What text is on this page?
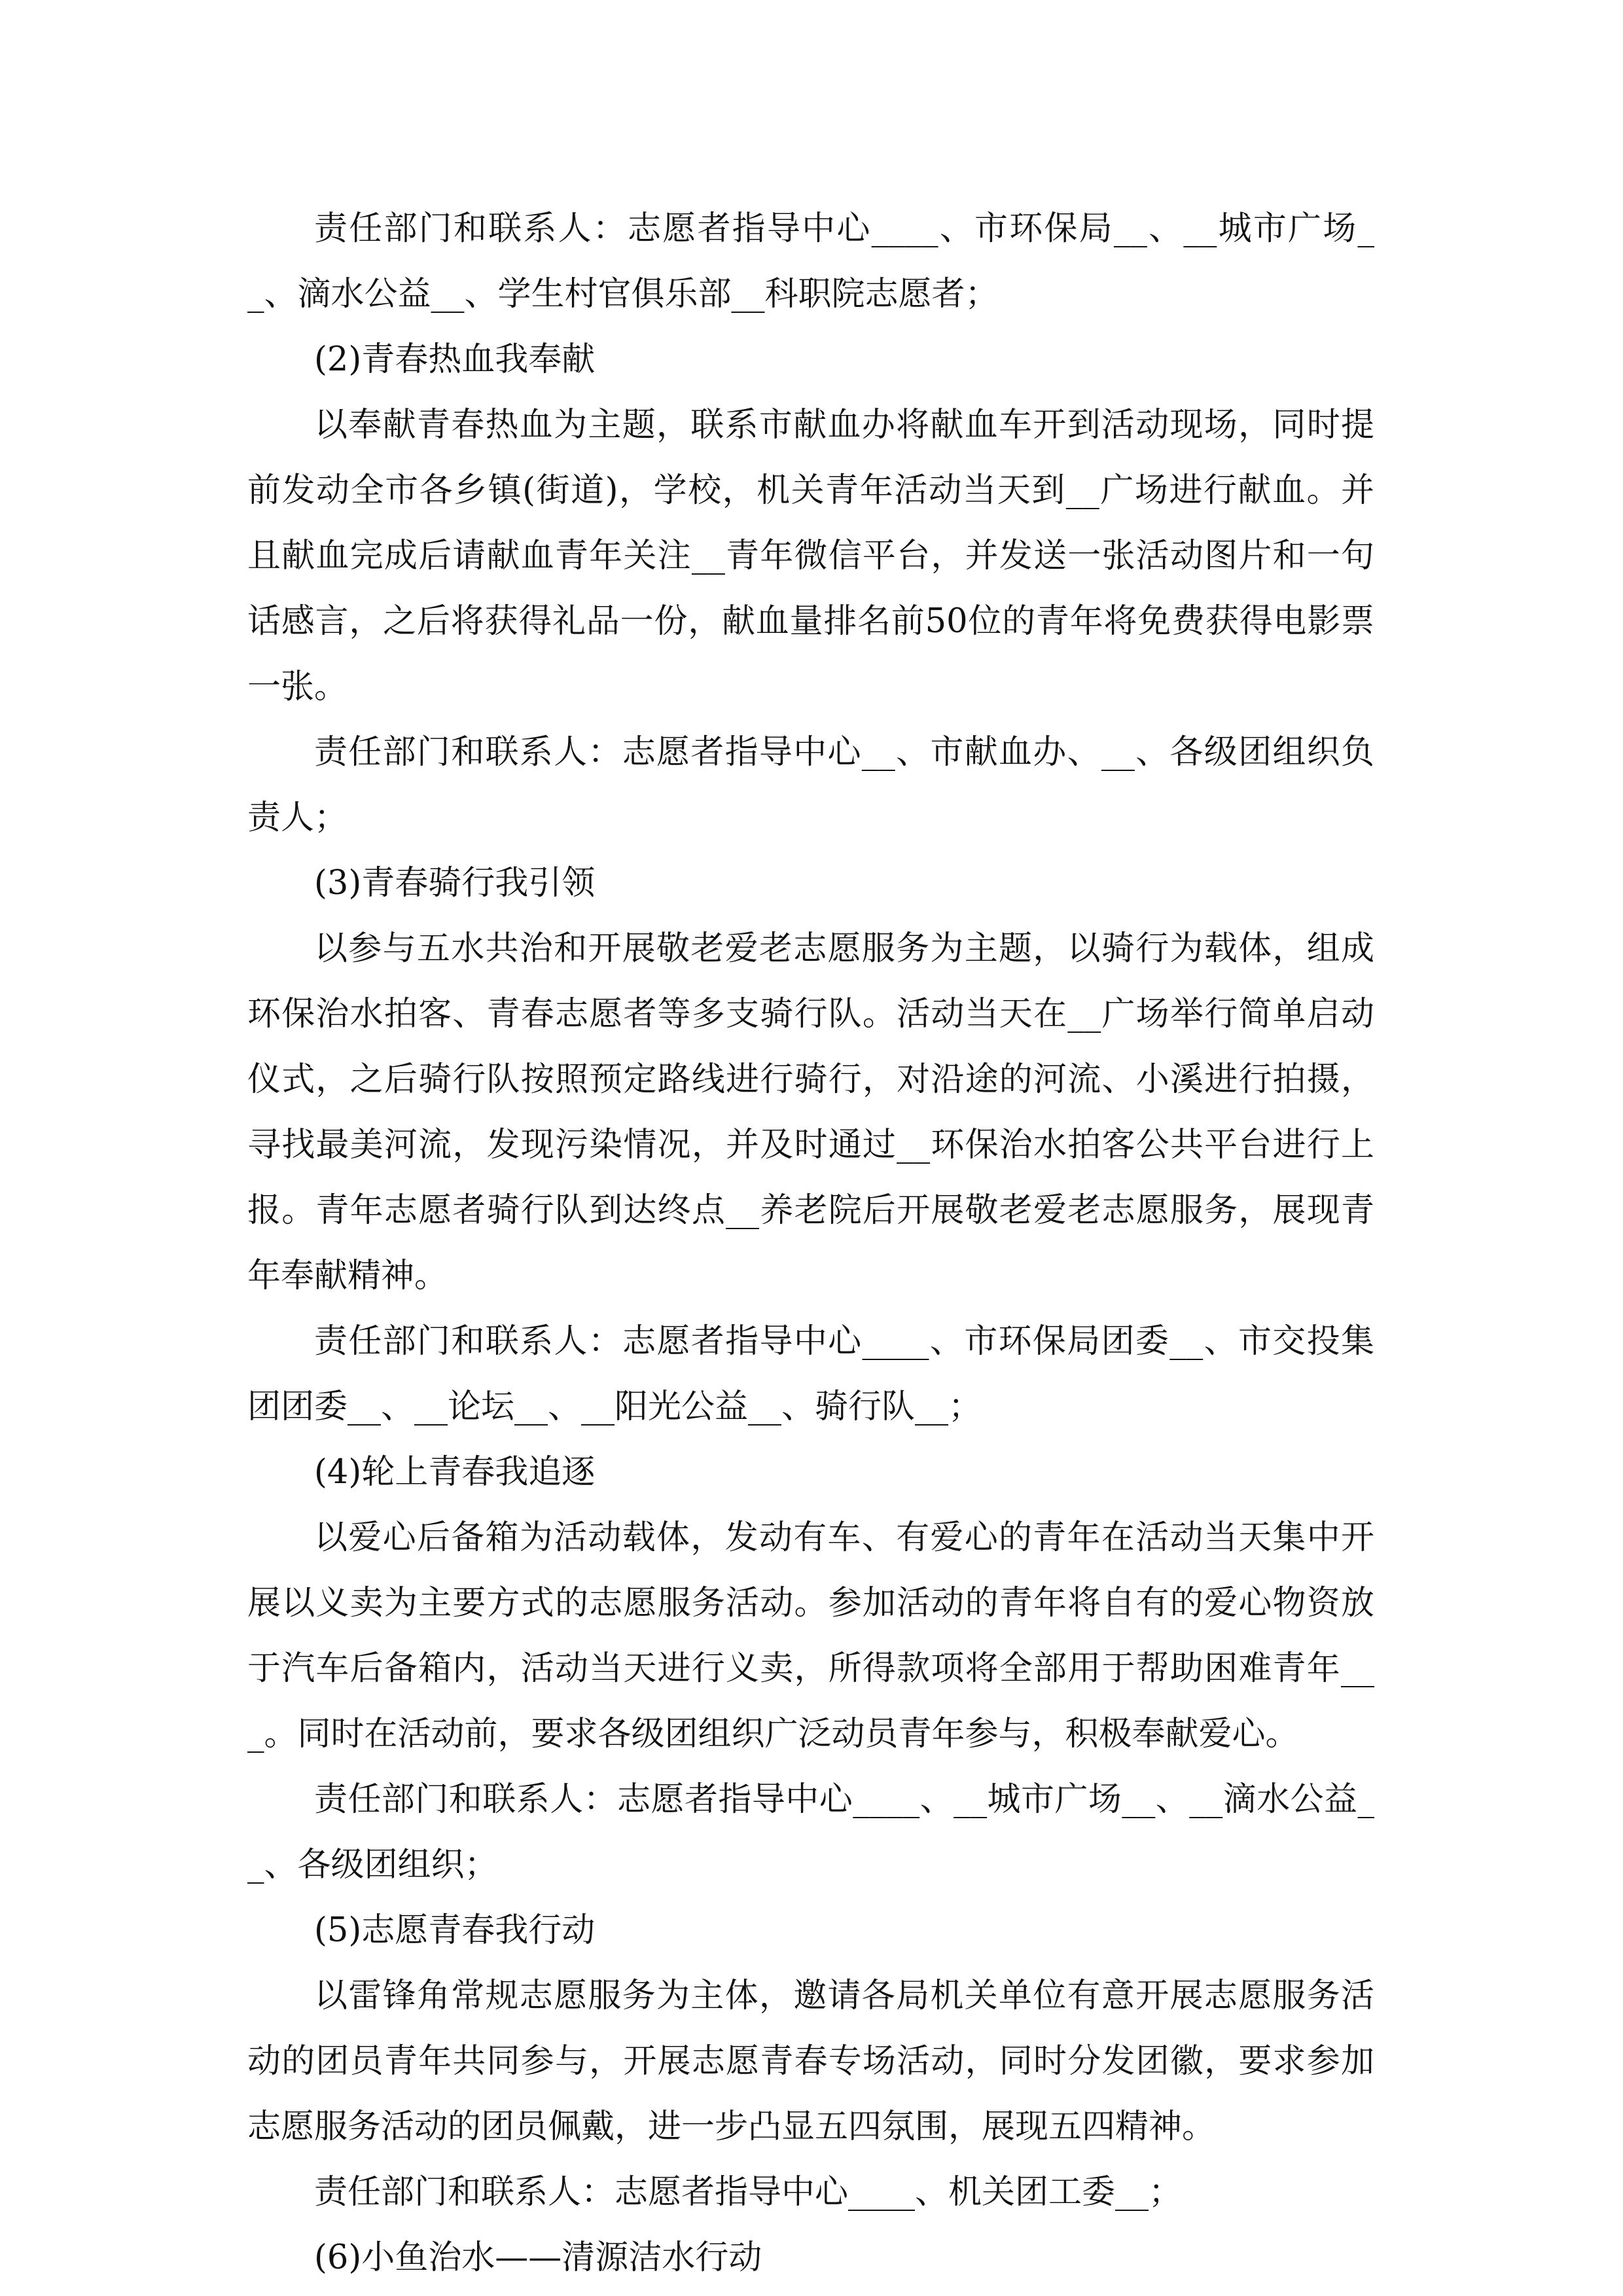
责任部门和联系人：志愿者指导中心____、市环保局__、__城市广场__、滴水公益__、学生村官俱乐部__科职院志愿者；

(2)青春热血我奉献

以奉献青春热血为主题，联系市献血办将献血车开到活动现场，同时提前发动全市各乡镇(街道)，学校，机关青年活动当天到__广场进行献血。并且献血完成后请献血青年关注__青年微信平台，并发送一张活动图片和一句话感言，之后将获得礼品一份，献血量排名前50位的青年将免费获得电影票一张。

责任部门和联系人：志愿者指导中心__、市献血办、__、各级团组织负责人；

(3)青春骑行我引领

以参与五水共治和开展敬老爱老志愿服务为主题，以骑行为载体，组成环保治水拍客、青春志愿者等多支骑行队。活动当天在__广场举行简单启动仪式，之后骑行队按照预定路线进行骑行，对沿途的河流、小溪进行拍摄，寻找最美河流，发现污染情况，并及时通过__环保治水拍客公共平台进行上报。青年志愿者骑行队到达终点__养老院后开展敬老爱老志愿服务，展现青年奉献精神。

责任部门和联系人：志愿者指导中心____、市环保局团委__、市交投集团团委__、__论坛__、__阳光公益__、骑行队__；

(4)轮上青春我追逐

以爱心后备箱为活动载体，发动有车、有爱心的青年在活动当天集中开展以义卖为主要方式的志愿服务活动。参加活动的青年将自有的爱心物资放于汽车后备箱内，活动当天进行义卖，所得款项将全部用于帮助困难青年___。同时在活动前，要求各级团组织广泛动员青年参与，积极奉献爱心。

责任部门和联系人：志愿者指导中心____、__城市广场__、__滴水公益__、各级团组织；

(5)志愿青春我行动

以雷锋角常规志愿服务为主体，邀请各局机关单位有意开展志愿服务活动的团员青年共同参与，开展志愿青春专场活动，同时分发团徽，要求参加志愿服务活动的团员佩戴，进一步凸显五四氛围，展现五四精神。

责任部门和联系人：志愿者指导中心____、机关团工委__；

(6)小鱼治水——清源洁水行动
